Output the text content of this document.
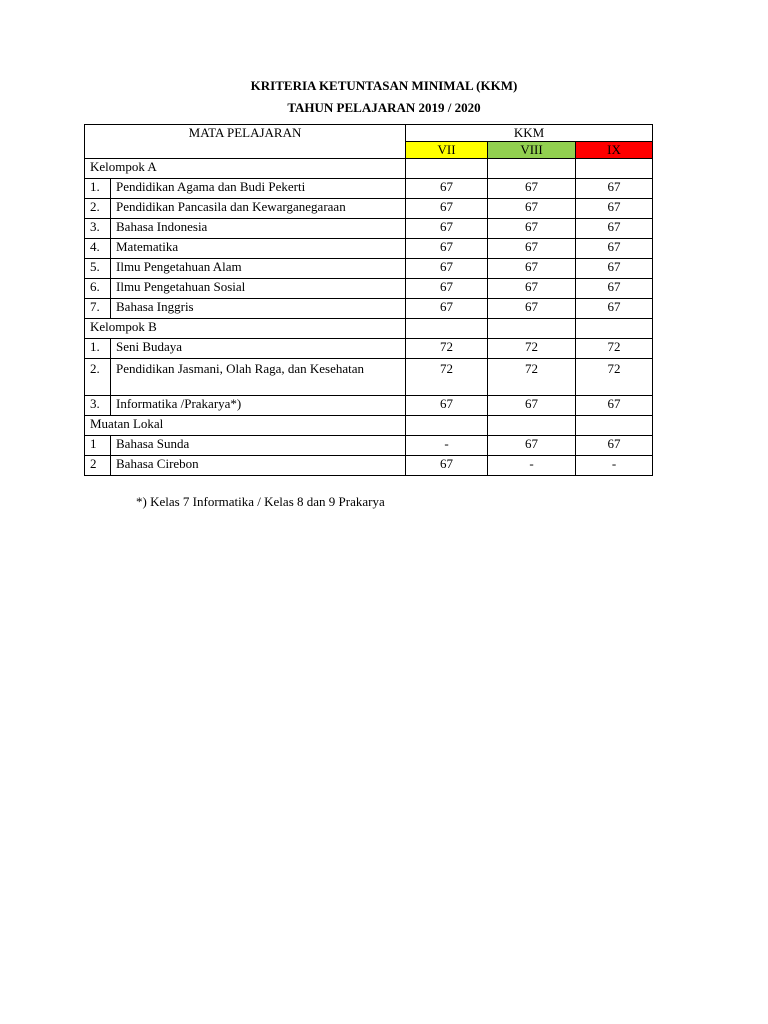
KRITERIA KETUNTASAN MINIMAL (KKM)
TAHUN PELAJARAN 2019 / 2020
MATA PELAJARAN		KKM		
		VII	VIII	IX
Kelompok A				
1.	Pendidikan Agama dan Budi Pekerti	67	67	67
2.	Pendidikan Pancasila dan Kewarganegaraan	67	67	67
3.	Bahasa Indonesia	67	67	67
4.	Matematika	67	67	67
5.	Ilmu Pengetahuan Alam	67	67	67
6.	Ilmu Pengetahuan Sosial	67	67	67
7.	Bahasa Inggris	67	67	67
Kelompok B				
1.	Seni Budaya	72	72	72
2.	Pendidikan Jasmani, Olah Raga, dan Kesehatan	72	72	72
3.	Informatika /Prakarya*)	67	67	67
Muatan Lokal				
1	Bahasa Sunda	-	67	67
2	Bahasa Cirebon	67	-	-
*) Kelas 7 Informatika / Kelas 8 dan 9 Prakarya
